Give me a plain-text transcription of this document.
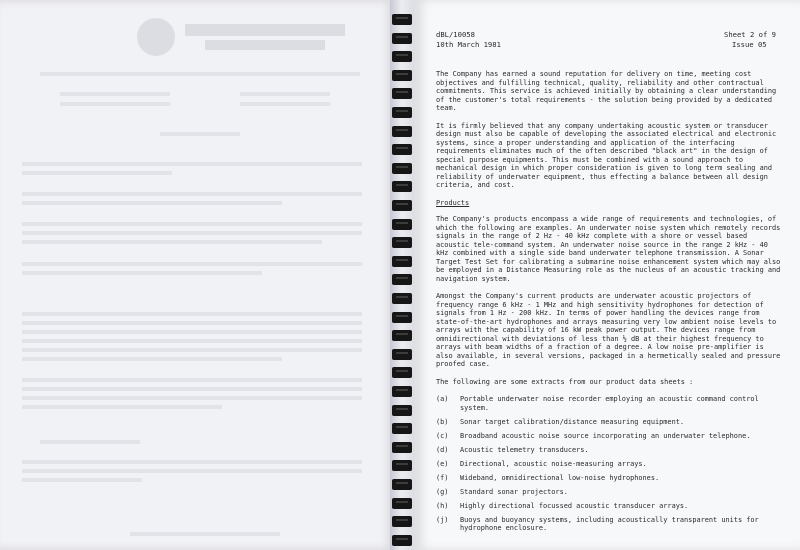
dBL/10058
10th March 1981
Sheet 2 of 9
Issue 05

The Company has earned a sound reputation for delivery on time, meeting cost objectives and fulfilling technical, quality, reliability and other contractual commitments. This service is achieved initially by obtaining a clear understanding of the customer's total requirements - the solution being provided by a dedicated team.

It is firmly believed that any company undertaking acoustic system or transducer design must also be capable of developing the associated electrical and electronic systems, since a proper understanding and application of the interfacing requirements eliminates much of the often described "black art" in the design of special purpose equipments. This must be combined with a sound approach to mechanical design in which proper consideration is given to long term sealing and reliability of underwater equipment, thus effecting a balance between all design criteria, and cost.

Products

The Company's products encompass a wide range of requirements and technologies, of which the following are examples. An underwater noise system which remotely records signals in the range of 2 Hz - 40 kHz complete with a shore or vessel based acoustic tele-command system. An underwater noise source in the range 2 kHz - 40 kHz combined with a single side band underwater telephone transmission. A Sonar Target Test Set for calibrating a submarine noise enhancement system which may also be employed in a Distance Measuring role as the nucleus of an acoustic tracking and navigation system.

Amongst the Company's current products are underwater acoustic projectors of frequency range 6 kHz - 1 MHz and high sensitivity hydrophones for detection of signals from 1 Hz - 200 kHz. In terms of power handling the devices range from state-of-the-art hydrophones and arrays measuring very low ambient noise levels to arrays with the capability of 16 kW peak power output. The devices range from omnidirectional with deviations of less than ½ dB at their highest frequency to arrays with beam widths of a fraction of a degree. A low noise pre-amplifier is also available, in several versions, packaged in a hermetically sealed and pressure proofed case.

The following are some extracts from our product data sheets :

(a)	Portable underwater noise recorder employing an acoustic command control system.
(b)	Sonar target calibration/distance measuring equipment.
(c)	Broadband acoustic noise source incorporating an underwater telephone.
(d)	Acoustic telemetry transducers.
(e)	Directional, acoustic noise-measuring arrays.
(f)	Wideband, omnidirectional low-noise hydrophones.
(g)	Standard sonar projectors.
(h)	Highly directional focussed acoustic transducer arrays.
(j)	Buoys and buoyancy systems, including acoustically transparent units for hydrophone enclosure.
